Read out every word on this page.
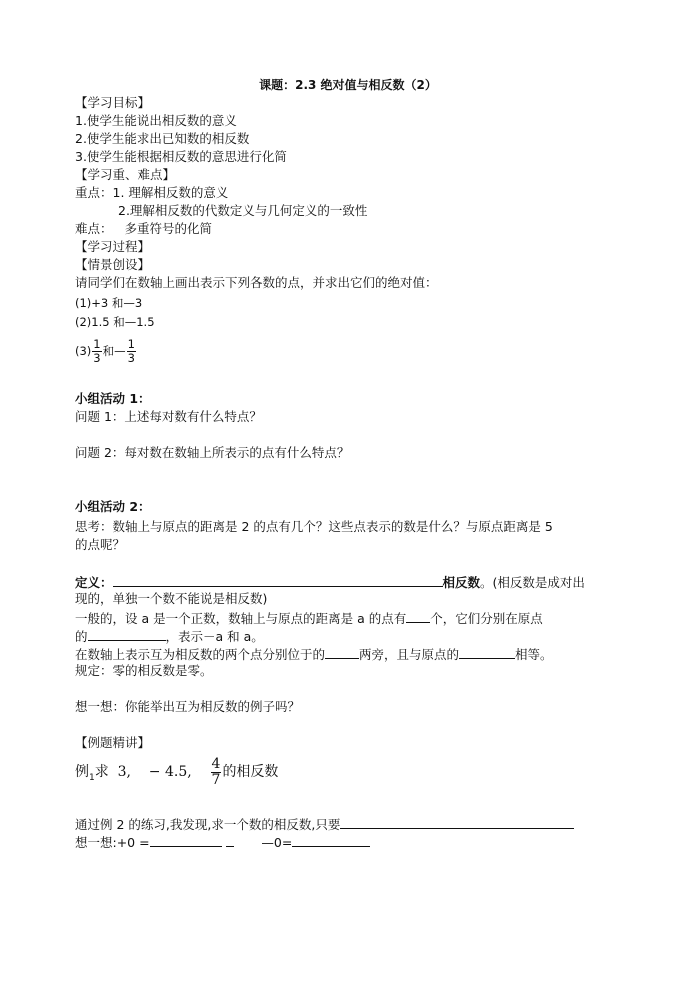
课题：2.3 绝对值与相反数（2）
【学习目标】
1.使学生能说出相反数的意义
2.使学生能求出已知数的相反数
3.使学生能根据相反数的意思进行化简
【学习重、难点】
重点：1. 理解相反数的意义
2.理解相反数的代数定义与几何定义的一致性
难点： 多重符号的化简
【学习过程】
【情景创设】
请同学们在数轴上画出表示下列各数的点，并求出它们的绝对值：
(1)+3 和—3
(2)1.5 和—1.5
$(3) \frac{1}{3}$ 和— $\frac{1}{3}$
小组活动 1：
问题 1：上述每对数有什么特点？
问题 2：每对数在数轴上所表示的点有什么特点？
小组活动 2：
思考：数轴上与原点的距离是 2 的点有几个？这些点表示的数是什么？与原点距离是 5
的点呢？
定义：	相反数。(相反数是成对出
现的，单独一个数不能说是相反数)
一般的，设 a 是一个正数，数轴上与原点的距离是 a 的点有 个，它们分别在原点
的	，表示－a 和 a。
在数轴上表示互为相反数的两个点分别位于的	两旁，且与原点的	相等。
规定：零的相反数是零。
想一想：你能举出互为相反数的例子吗？
【例题精讲】
例$_1$求 3,    − 4.5, $\frac{4}{7}$ 的相反数
通过例 2 的练习,我发现,求一个数的相反数,只要
想一想:+0 =	—0=
